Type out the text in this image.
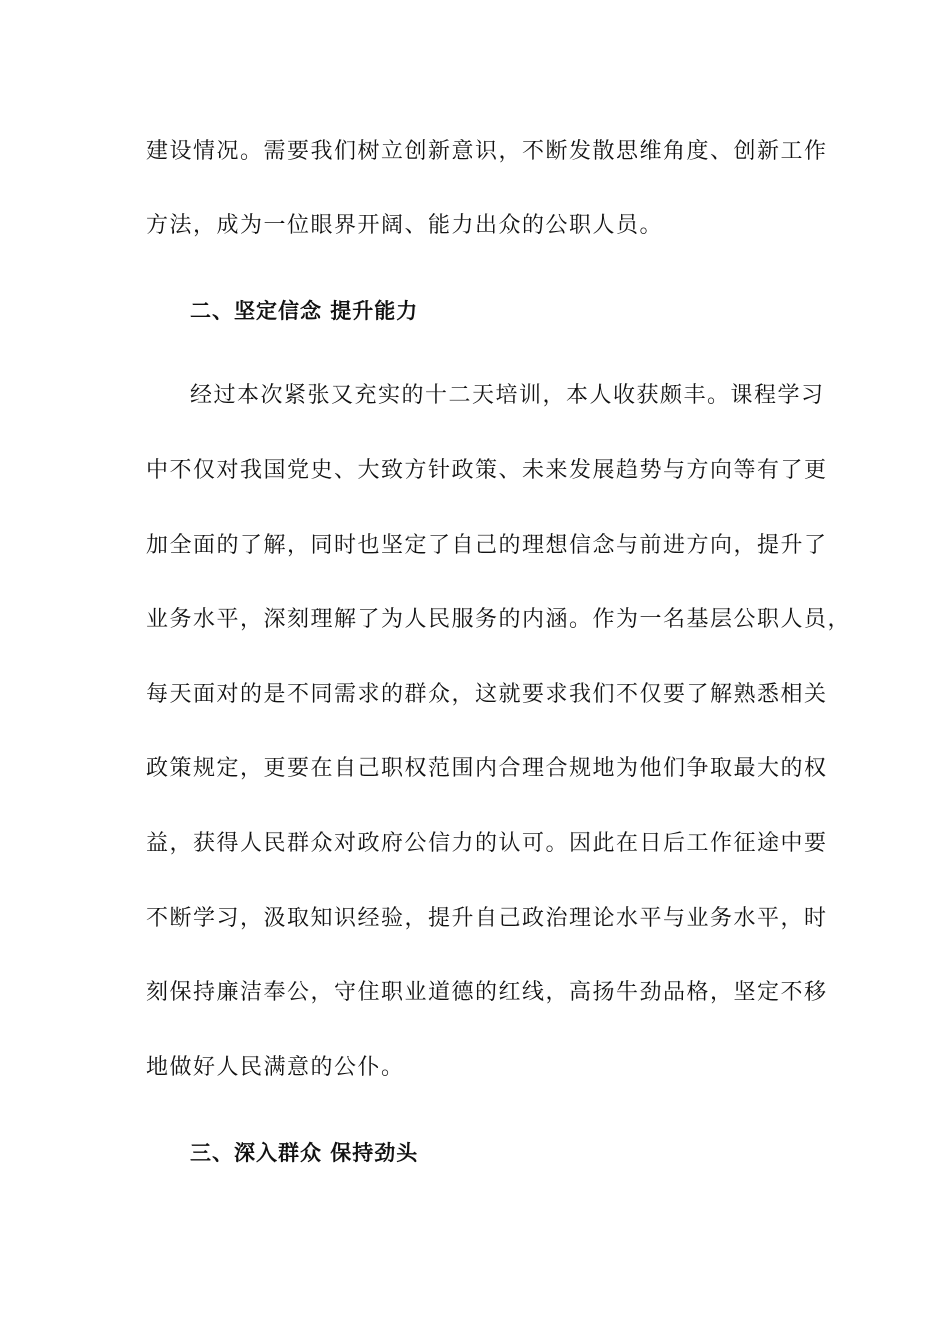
建设情况。需要我们树立创新意识，不断发散思维角度、创新工作
方法，成为一位眼界开阔、能力出众的公职人员。
二、坚定信念 提升能力
经过本次紧张又充实的十二天培训，本人收获颇丰。课程学习
中不仅对我国党史、大致方针政策、未来发展趋势与方向等有了更
加全面的了解，同时也坚定了自己的理想信念与前进方向，提升了
业务水平，深刻理解了为人民服务的内涵。作为一名基层公职人员，
每天面对的是不同需求的群众，这就要求我们不仅要了解熟悉相关
政策规定，更要在自己职权范围内合理合规地为他们争取最大的权
益，获得人民群众对政府公信力的认可。因此在日后工作征途中要
不断学习，汲取知识经验，提升自己政治理论水平与业务水平，时
刻保持廉洁奉公，守住职业道德的红线，高扬牛劲品格，坚定不移
地做好人民满意的公仆。
三、深入群众 保持劲头
